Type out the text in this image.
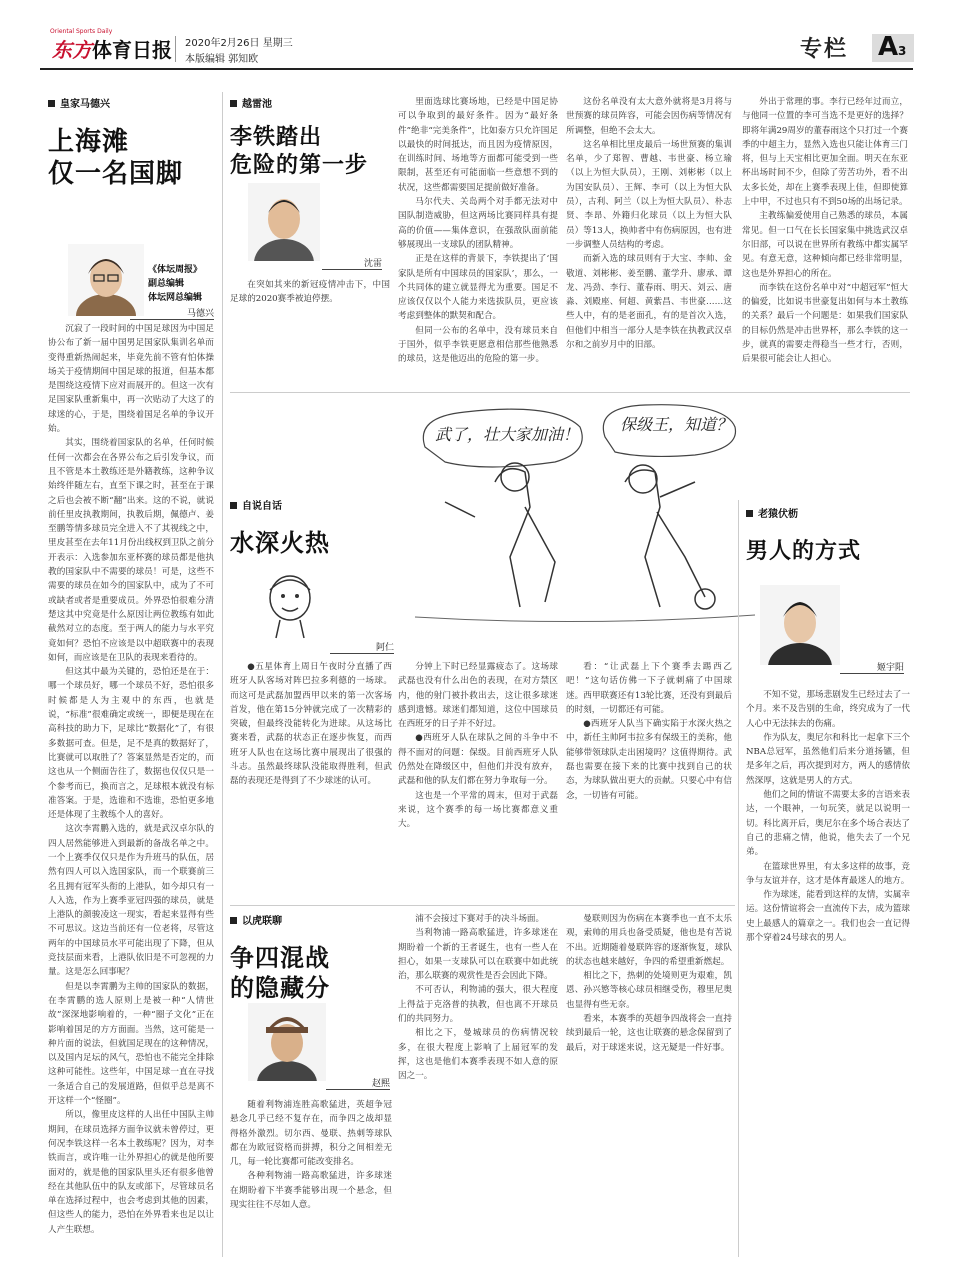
Oriental Sports Daily
东方 体育日报 2020年2月26日 星期三
本版编辑 郭知欧	专栏 A 3
皇家马德兴
上海滩
仅一名国脚
《体坛周报》
副总编辑
体坛网总编辑
马德兴

沉寂了一段时间的中国足球因为中国足协公布了新一届中国男足国家队集训名单而变得重新热闹起来，毕竟先前不管有怕体操场关于疫情期间中国足球的报道，但基本都是围绕这疫情下应对而展开的。但这一次有足国家队重新集中，再一次贴动了大这了的球迷的心，于是，围绕着国足名单的争议开始。

其实，围绕着国家队的名单，任何时候任何一次都会在各界公布之后引发争议，而且不管是本土教练还是外籍教练，这种争议始终伴随左右，直至下课之时，甚至在于课之后也会被不断“翻”出来。这的不说，就说前任里皮执教期间，执教后期，佩德卢、姜至鹏等情多球员完全进入不了其视线之中，里皮甚至在去年11月份出线权到卫队之前分开表示：入选参加东亚杯赛的球员都是他执教的国家队中不需要的球员！可是，这些不需要的球员在如今的国家队中，成为了不可或缺者或者是重要成员。外界恐怕很难分清楚这其中究竟是什么原因让两位教练有如此截然对立的态度。至于两人的能力与水平究竟如何？恐怕不应该是以中超联赛中的表现如何，而应该是在卫队的表现来看待的。

但这其中最为关键的，恐怕还是在于：哪一个球员好，哪一个球员不好，恐怕很多时候都是人为主观中的东西，也就是说，“标准”很难确定或统一，即便是现在在高科技的助力下，足球比“数据化”了，有很多数据可查。但是，足不是真的数据好了，比赛就可以取胜了？答案显然是否定的，而这也从一个侧面告往了，数据也仅仅只是一个参考而已，换而言之，足球根本就没有标准答案。于是，选谁和不选谁，恐怕更多地还是体现了主教练个人的喜好。

这次李霄鹏入选的，就是武汉卓尔队的四人居然能够进入到最新的备战名单之中。一个上赛季仅仅只是作为升班马的队伍，居然有四人可以入选国家队，而一个联赛前三名且拥有冠军头衔的上港队，如今却只有一人入选，作为上赛季亚冠四强的球员，就是上港队的颜骏凌这一现实，看起来显得有些不可思议。这边当前还有一位老将，尽管这两年的中国球员水平可能出现了下降，但从竞技层面来看，上港队依旧是不可忽视的力量。这是怎么回事呢？

但是以李霄鹏为主帅的国家队的数据，在李霄鹏的选人原则上是被一种“人情世故”深深地影响着的，一种“圈子文化”正在影响着国足的方方面面。当然，这可能是一种片面的说法，但就国足现在的这种情况，以及国内足坛的风气，恐怕也不能完全排除这种可能性。这些年，中国足球一直在寻找一条适合自己的发展道路，但似乎总是离不开这样一个“怪圈”。

所以，像里皮这样的人出任中国队主帅期间，在球员选择方面争议就未曾停过，更何况李铁这样一名本土教练呢？因为，对李铁而言，或许唯一让外界担心的就是他所要面对的，就是他的国家队里头还有很多他曾经在其他队伍中的队友或部下，尽管球员名单在选择过程中，也会考虑到其他的因素，但这些人的能力，恐怕在外界看来也足以让人产生联想。

越雷池
李铁踏出
危险的第一步
沈雷

在突如其来的新冠疫情冲击下，中国足球的2020赛季被迫停摆。

里面选球比赛场地，已经是中国足协可以争取到的最好条件。因为“最好条件”绝非“完美条件”，比如泰方只允许国足以最快的时间抵达，而且因为疫情原因，在训练时间、场地等方面都可能受到一些限制，甚至还有可能面临一些意想不到的状况，这些都需要国足提前做好准备。

马尔代夫、关岛两个对手都无法对中国队制造威胁，但这两场比赛同样具有提高的价值——集体意识，在强敌队面前能够展现出一支球队的团队精神。

正是在这样的背景下，李铁提出了‘国家队是所有中国球员的国家队’，那么，一个共同体的建立就显得尤为重要。国足不应该仅仅以个人能力来选拔队员，更应该考虑到整体的默契和配合。

但同一公布的名单中，没有球员来自于国外，似乎李铁更愿意相信那些他熟悉的球员，这是他迈出的危险的第一步。

这份名单没有太大意外就将是3月将与世预赛的球员阵容，可能会因伤病等情况有所调整，但绝不会太大。

这名单相比里皮最后一场世预赛的集训名单，少了郑智、曹越、韦世豪、杨立瑜（以上为恒大队员），王刚、刘彬彬（以上为国安队员）、王辉、李可（以上为恒大队员），古利、阿兰（以上为恒大队员）、朴志贤、李昂、外籍归化球员（以上为恒大队员）等13人，换帅者中有伤病原因，也有进一步调整人员结构的考虑。

而新入选的球员则有于大宝、李帅、金敬道、刘彬彬、姜至鹏、董学升、廖承、谭龙、冯劲、李行、董春雨、明天、刘云、唐淼、刘殿座、何超、黄紫昌、韦世豪……这些人中，有的是老面孔，有的是首次入选，但他们中相当一部分人是李铁在执教武汉卓尔和之前岁月中的旧部。

外出于常理的事。李行已经年过而立，与他同一位置的李可当选不是更好的选择？即将年满29周岁的董春雨这个只打过一个赛季的中超主力，显然入选也只能让体育三门将，但与上天宝相比更加全面。明天在东亚杯出场时间不少，但除了劳苦功外，看不出太多长处，却在上赛季表现上佳，但即使算上中甲，不过也只有不到50场的出场记录。

主教练偏爱使用自己熟悉的球员，本属常见。但一口气在长长国家集中挑选武汉卓尔旧部，可以说在世界所有教练中都实属罕见。有意无意，这种倾向都已经非常明显，这也是外界担心的所在。

而李铁在这份名单中对“中超冠军”恒大的偏爱，比如说韦世豪复出如何与本土教练的关系？最后一个问题是：如果我们国家队的目标仍然是冲击世界杯，那么李铁的这一步，就真的需要走得稳当一些才行，否则，后果很可能会让人担心。

自说自话
水深火热
阿仁
武了，壮大家加油！
保级王，知道？

●五星体育上周日午夜时分直播了西班牙人队客场对阵巴拉多利德的一场球。而这可是武磊加盟西甲以来的第一次客场首发，他在第15分钟就完成了一次精彩的突破，但最终没能转化为进球。从这场比赛来看，武磊的状态正在逐步恢复，而西班牙人队也在这场比赛中展现出了很强的斗志。虽然最终球队没能取得胜利，但武磊的表现还是得到了不少球迷的认可。

分钟上下时已经显露疲态了。这场球武磊也没有什么出色的表现，在对方禁区内，他的射门被扑救出去，这让很多球迷感到遗憾。球迷们都知道，这位中国球员在西班牙的日子并不好过。

●西班牙人队在球队之间的斗争中不得不面对的问题：保级。目前西班牙人队仍然处在降级区中，但他们并没有放弃，武磊和他的队友们都在努力争取每一分。

这也是一个平常的周末，但对于武磊来说，这个赛季的每一场比赛都意义重大。

看：“让武磊上下个赛季去踢西乙吧！”这句话仿佛一下子就刺痛了中国球迷。西甲联赛还有13轮比赛，还没有到最后的时刻，一切都还有可能。

●西班牙人队当下确实陷于水深火热之中，新任主帅阿韦拉多有保级王的美称，他能够带领球队走出困境吗？这值得期待。武磊也需要在接下来的比赛中找到自己的状态，为球队做出更大的贡献。只要心中有信念，一切皆有可能。

老猿伏枥
男人的方式
姬宇阳

不知不觉，那场悲剧发生已经过去了一个月。来不及告别的生命，终究成为了一代人心中无法抹去的伤痛。

作为队友，奥尼尔和科比一起拿下三个NBA总冠军，虽然他们后来分道扬镳，但是多年之后，再次提到对方，两人的感情依然深厚，这就是男人的方式。

他们之间的情谊不需要太多的言语来表达，一个眼神，一句玩笑，就足以说明一切。科比离开后，奥尼尔在多个场合表达了自己的悲痛之情，他说，他失去了一个兄弟。

在篮球世界里，有太多这样的故事，竞争与友谊并存，这才是体育最迷人的地方。

作为球迷，能看到这样的友情，实属幸运。这份情谊将会一直流传下去，成为篮球史上最感人的篇章之一。我们也会一直记得那个穿着24号球衣的男人。

以虎联聊
争四混战
的隐藏分
赵熙

随着利物浦连胜高歌猛进，英超争冠悬念几乎已经不复存在，而争四之战却显得格外激烈。切尔西、曼联、热刺等球队都在为欧冠资格而拼搏，积分之间相差无几，每一轮比赛都可能改变排名。

各种利物浦一路高歌猛进，许多球迷在期盼着下半赛季能够出现一个悬念，但现实往往不尽如人意。

浦不会接过下赛对手的决斗场面。

当利物浦一路高歌猛进，许多球迷在期盼着一个新的王者诞生，也有一些人在担心，如果一支球队可以在联赛中如此统治，那么联赛的观赏性是否会因此下降。

不可否认，利物浦的强大，很大程度上得益于克洛普的执教，但也离不开球员们的共同努力。

相比之下，曼城球员的伤病情况较多，在很大程度上影响了上届冠军的发挥，这也是他们本赛季表现不如人意的原因之一。

曼联则因为伤病在本赛季也一直不太乐观，索帅的用兵也备受质疑，他也是有苦说不出。近期随着曼联阵容的逐渐恢复，球队的状态也越来越好，争四的希望重新燃起。

相比之下，热刺的处境则更为艰难，凯恩、孙兴慜等核心球员相继受伤，穆里尼奥也显得有些无奈。

看来，本赛季的英超争四战将会一直持续到最后一轮，这也让联赛的悬念保留到了最后，对于球迷来说，这无疑是一件好事。
